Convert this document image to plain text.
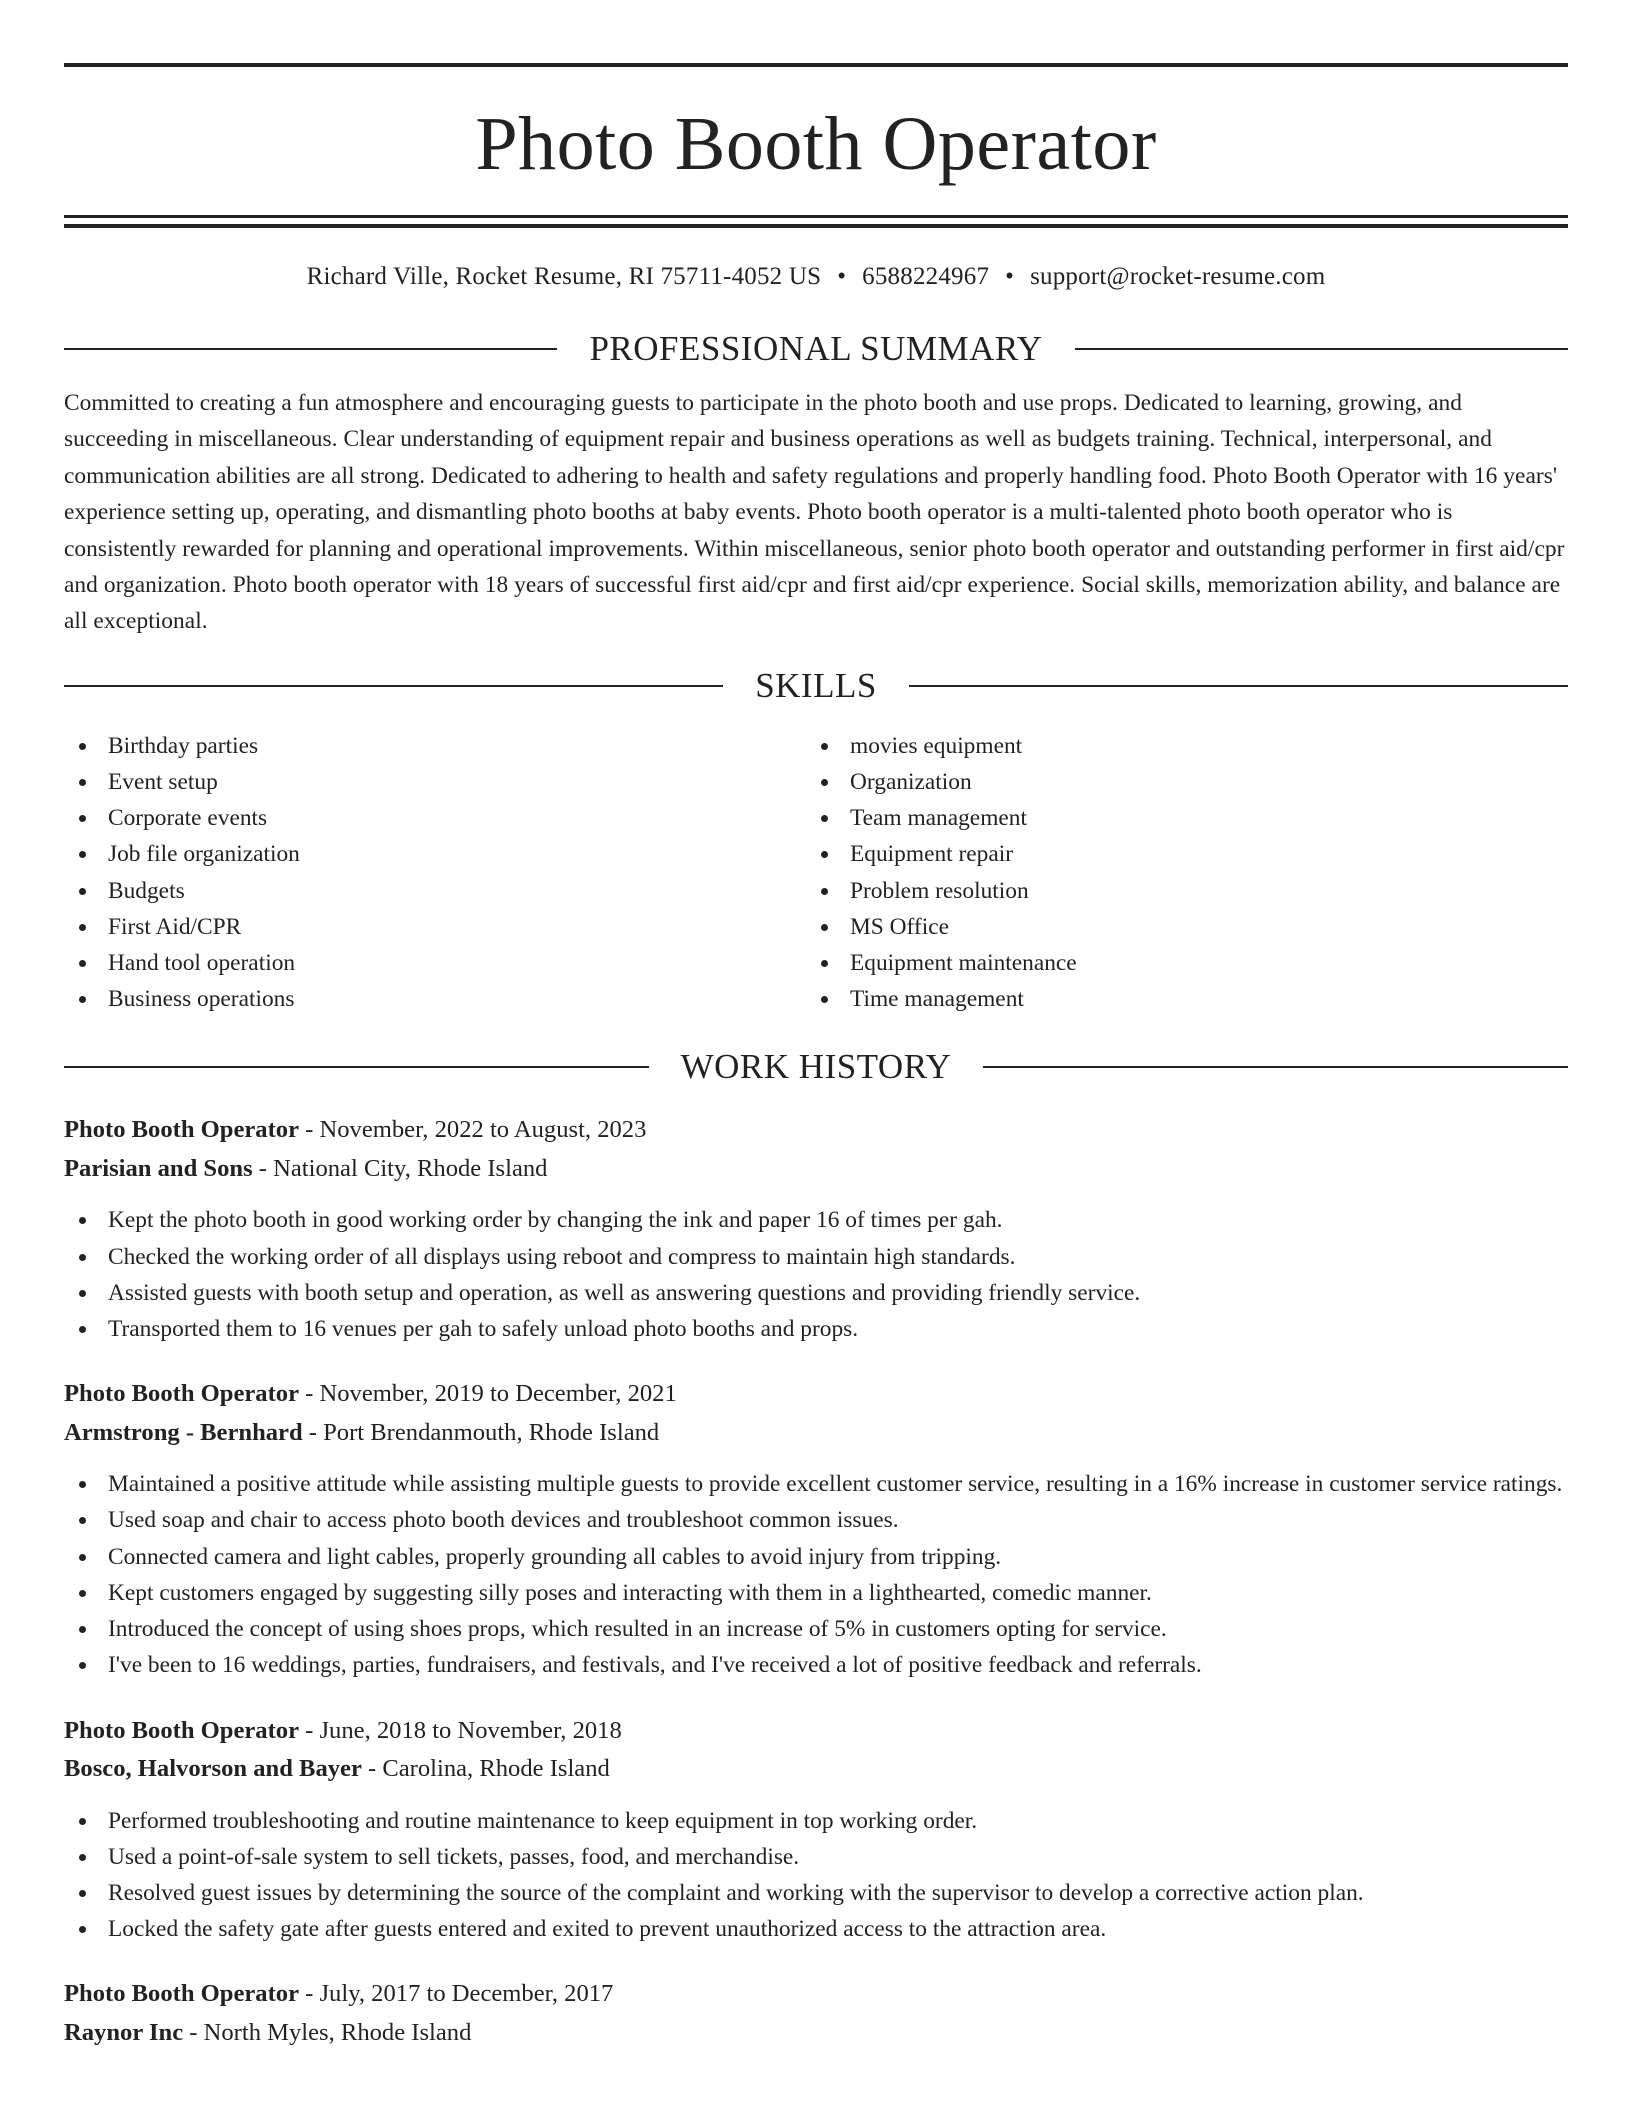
Photo Booth Operator
Richard Ville, Rocket Resume, RI 75711-4052 US • 6588224967 • support@rocket-resume.com
PROFESSIONAL SUMMARY
Committed to creating a fun atmosphere and encouraging guests to participate in the photo booth and use props. Dedicated to learning, growing, and succeeding in miscellaneous. Clear understanding of equipment repair and business operations as well as budgets training. Technical, interpersonal, and communication abilities are all strong. Dedicated to adhering to health and safety regulations and properly handling food. Photo Booth Operator with 16 years' experience setting up, operating, and dismantling photo booths at baby events. Photo booth operator is a multi-talented photo booth operator who is consistently rewarded for planning and operational improvements. Within miscellaneous, senior photo booth operator and outstanding performer in first aid/cpr and organization. Photo booth operator with 18 years of successful first aid/cpr and first aid/cpr experience. Social skills, memorization ability, and balance are all exceptional.
SKILLS
Birthday parties
Event setup
Corporate events
Job file organization
Budgets
First Aid/CPR
Hand tool operation
Business operations
movies equipment
Organization
Team management
Equipment repair
Problem resolution
MS Office
Equipment maintenance
Time management
WORK HISTORY
Photo Booth Operator - November, 2022 to August, 2023
Parisian and Sons - National City, Rhode Island
Kept the photo booth in good working order by changing the ink and paper 16 of times per gah.
Checked the working order of all displays using reboot and compress to maintain high standards.
Assisted guests with booth setup and operation, as well as answering questions and providing friendly service.
Transported them to 16 venues per gah to safely unload photo booths and props.
Photo Booth Operator - November, 2019 to December, 2021
Armstrong - Bernhard - Port Brendanmouth, Rhode Island
Maintained a positive attitude while assisting multiple guests to provide excellent customer service, resulting in a 16% increase in customer service ratings.
Used soap and chair to access photo booth devices and troubleshoot common issues.
Connected camera and light cables, properly grounding all cables to avoid injury from tripping.
Kept customers engaged by suggesting silly poses and interacting with them in a lighthearted, comedic manner.
Introduced the concept of using shoes props, which resulted in an increase of 5% in customers opting for service.
I've been to 16 weddings, parties, fundraisers, and festivals, and I've received a lot of positive feedback and referrals.
Photo Booth Operator - June, 2018 to November, 2018
Bosco, Halvorson and Bayer - Carolina, Rhode Island
Performed troubleshooting and routine maintenance to keep equipment in top working order.
Used a point-of-sale system to sell tickets, passes, food, and merchandise.
Resolved guest issues by determining the source of the complaint and working with the supervisor to develop a corrective action plan.
Locked the safety gate after guests entered and exited to prevent unauthorized access to the attraction area.
Photo Booth Operator - July, 2017 to December, 2017
Raynor Inc - North Myles, Rhode Island
